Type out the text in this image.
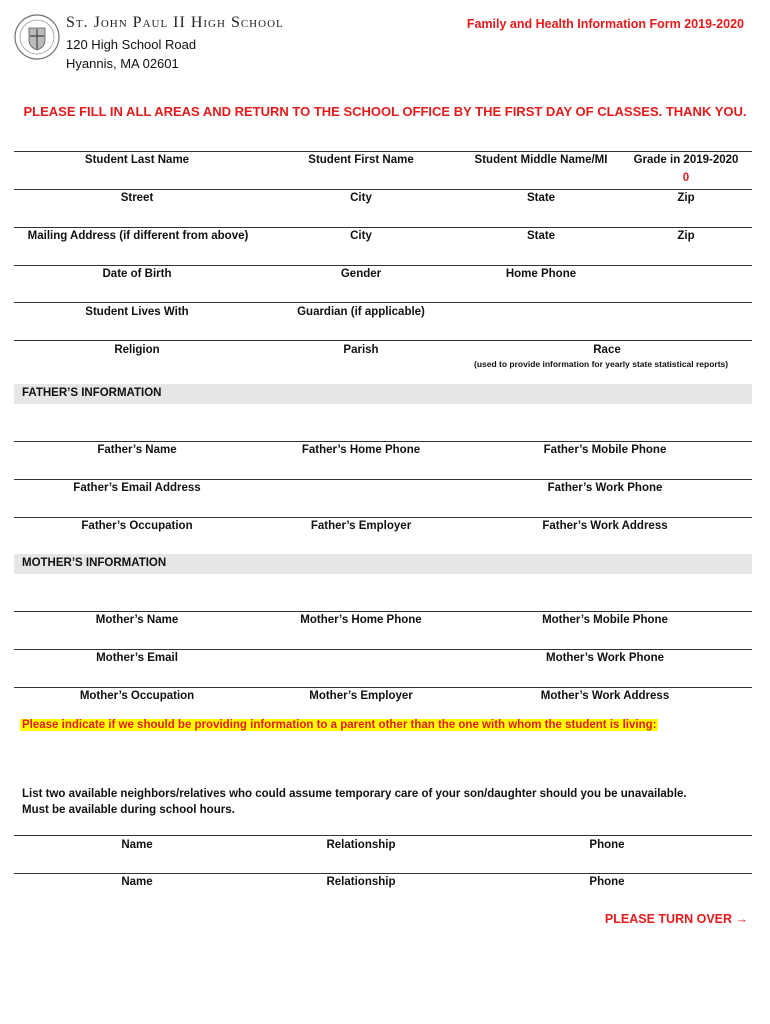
St. John Paul II High School
120 High School Road
Hyannis, MA 02601
Family and Health Information Form 2019-2020
PLEASE FILL IN ALL AREAS AND RETURN TO THE SCHOOL OFFICE BY THE FIRST DAY OF CLASSES. THANK YOU.
Student Last Name	Student First Name	Student Middle Name/MI	Grade in 2019-2020
0
Street	City	State	Zip
Mailing Address (if different from above)	City	State	Zip
Date of Birth	Gender	Home Phone
Student Lives With	Guardian (if applicable)
Religion	Parish	Race
(used to provide information for yearly state statistical reports)
FATHER’S INFORMATION
Father’s Name	Father’s Home Phone	Father’s Mobile Phone
Father’s Email Address	Father’s Work Phone
Father’s Occupation	Father’s Employer	Father’s Work Address
MOTHER’S INFORMATION
Mother’s Name	Mother’s Home Phone	Mother’s Mobile Phone
Mother’s Email	Mother’s Work Phone
Mother’s Occupation	Mother’s Employer	Mother’s Work Address
Please indicate if we should be providing information to a parent other than the one with whom the student is living:
List two available neighbors/relatives who could assume temporary care of your son/daughter should you be unavailable.
Must be available during school hours.
Name	Relationship	Phone
Name	Relationship	Phone
PLEASE TURN OVER →
